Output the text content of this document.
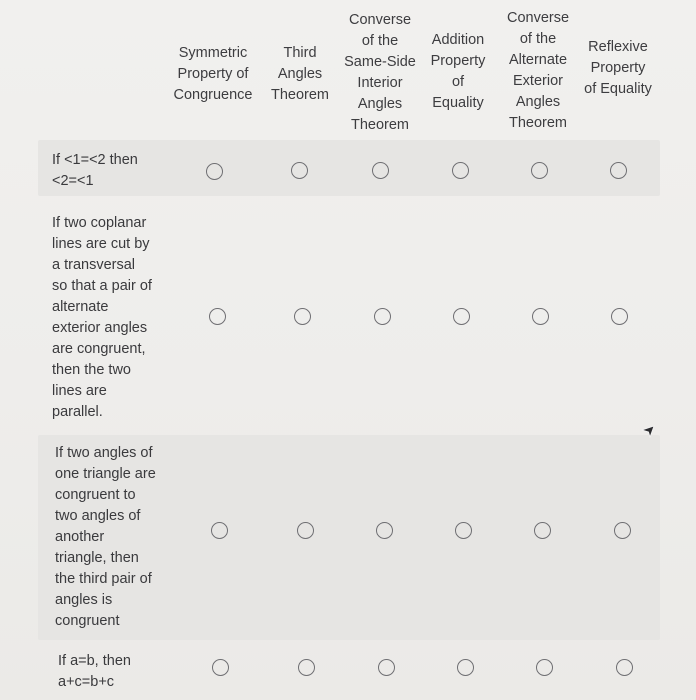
Symmetric
Property of
Congruence
Third
Angles
Theorem
Converse
of the
Same-Side
Interior
Angles
Theorem
Addition
Property
of
Equality
Converse
of the
Alternate
Exterior
Angles
Theorem
Reflexive
Property
of Equality
If <1=<2 then
<2=<1
If two coplanar
lines are cut by
a transversal
so that a pair of
alternate
exterior angles
are congruent,
then the two
lines are
parallel.
If two angles of
one triangle are
congruent to
two angles of
another
triangle, then
the third pair of
angles is
congruent
If a=b, then
a+c=b+c
